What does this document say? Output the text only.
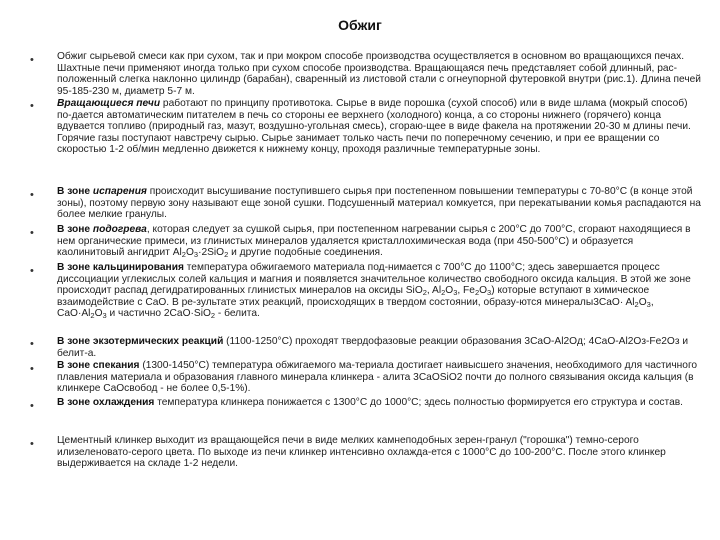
Обжиг
• Обжиг сырьевой смеси как при сухом, так и при мокром способе производства осуществляется в основном во вращающихся печах. Шахтные печи применяют иногда только при сухом способе производства. Вращающаяся печь представляет собой длинный, рас-положенный слегка наклонно цилиндр (барабан), сваренный из листовой стали с огнеупорной футеровкой внутри (рис.1). Длина печей 95-185-230 м, диаметр 5-7 м.
• Вращающиеся печи работают по принципу противотока. Сырье в виде порошка (сухой способ) или в виде шлама (мокрый способ) по-дается автоматическим питателем в печь со стороны ее верхнего (холодного) конца, а со стороны нижнего (горячего) конца вдувается топливо (природный газ, мазут, воздушно-угольная смесь), сгораю-щее в виде факела на протяжении 20-30 м длины печи. Горячие газы поступают навстречу сырью. Сырье занимает только часть печи по поперечному сечению, и при ее вращении со скоростью 1-2 об/мин медленно движется к нижнему концу, проходя различные температурные зоны.
• В зоне испарения происходит высушивание поступившего сырья при постепенном повышении температуры с 70-80°С (в конце этой зоны), поэтому первую зону называют еще зоной сушки. Подсушенный материал комкуется, при перекатывании комья распадаются на более мелкие гранулы.
• В зоне подогрева, которая следует за сушкой сырья, при постепенном нагревании сырья с 200°С до 700°С, сгорают находящиеся в нем органические примеси, из глинистых минералов удаляется кристаллохимическая вода (при 450-500°С) и образуется каолинитовый ангидрит $Al_2O_3\cdot 2SiO_2$ и другие подобные соединения.
• В зоне кальцинирования температура обжигаемого материала под-нимается с 700°С до 1100°С; здесь завершается процесс диссоциации углекислых солей кальция и магния и появляется значительное количество свободного оксида кальция. В этой же зоне происходит распад дегидратированных глинистых минералов на оксиды SiO$_2$, $Al_2O_3$, $Fe_2O_3$) которые вступают в химическое взаимодействие с CaO. В ре-зультате этих реакций, происходящих в твердом состоянии, образу-ются минералы3CaO· $Al_2O_3$, $CaO\cdot Al_2O_3$ и частично 2CaO·SiO$_2$ - белита.
• В зоне экзотермических реакций (1100-1250°С) проходят твердофазовые реакции образования 3CaO-Al2Oд; 4CaO-Al2Oз-Fe2Oз и белит-а.
• В зоне спекания (1300-1450°С) температура обжигаемого ма-териала достигает наивысшего значения, необходимого для частичного плавления материала и образования главного минерала клинкера - алита 3CaOSiO2 почти до полного связывания оксида кальция (в клинкере CaOсвобод - не более 0,5-1%).
• В зоне охлаждения температура клинкера понижается с 1300°С до 1000°С; здесь полностью формируется его структура и состав.
• Цементный клинкер выходит из вращающейся печи в виде мелких камнеподобных зерен-гранул ("горошка") темно-серого илизеленовато-серого цвета. По выходе из печи клинкер интенсивно охлажда-ется с 1000°С до 100-200°С. После этого клинкер выдерживается на складе 1-2 недели.
